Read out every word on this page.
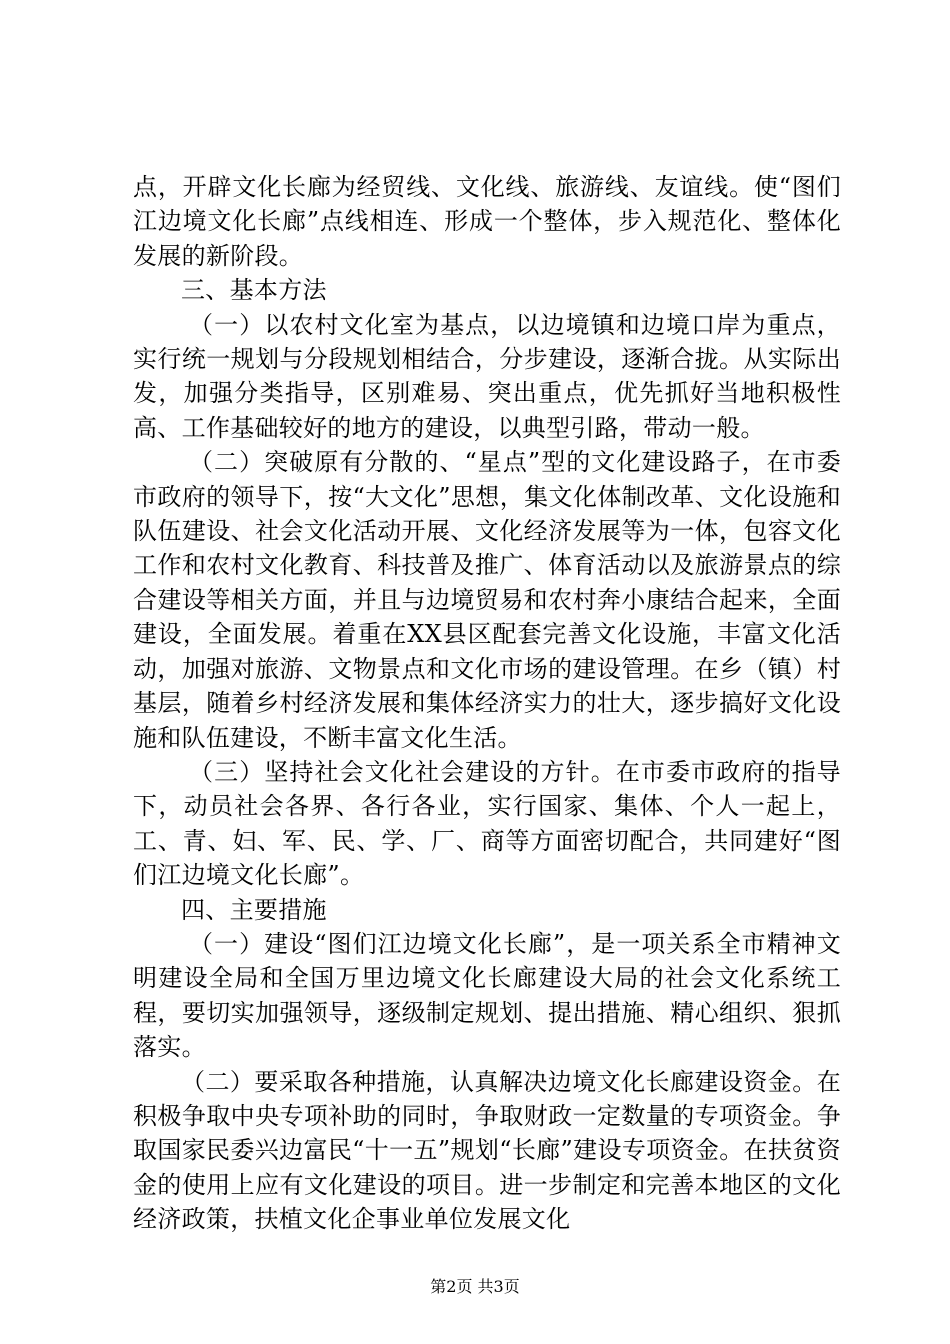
点，开辟文化长廊为经贸线、文化线、旅游线、友谊线。使“图们江边境文化长廊”点线相连、形成一个整体，步入规范化、整体化发展的新阶段。

三、基本方法

（一）以农村文化室为基点，以边境镇和边境口岸为重点，实行统一规划与分段规划相结合，分步建设，逐渐合拢。从实际出发，加强分类指导，区别难易、突出重点，优先抓好当地积极性高、工作基础较好的地方的建设，以典型引路，带动一般。

（二）突破原有分散的、“星点”型的文化建设路子，在市委市政府的领导下，按“大文化”思想，集文化体制改革、文化设施和队伍建设、社会文化活动开展、文化经济发展等为一体，包容文化工作和农村文化教育、科技普及推广、体育活动以及旅游景点的综合建设等相关方面，并且与边境贸易和农村奔小康结合起来，全面建设，全面发展。着重在XX县区配套完善文化设施，丰富文化活动，加强对旅游、文物景点和文化市场的建设管理。在乡（镇）村基层，随着乡村经济发展和集体经济实力的壮大，逐步搞好文化设施和队伍建设，不断丰富文化生活。

（三）坚持社会文化社会建设的方针。在市委市政府的指导下，动员社会各界、各行各业，实行国家、集体、个人一起上，工、青、妇、军、民、学、厂、商等方面密切配合，共同建好“图们江边境文化长廊”。

四、主要措施

（一）建设“图们江边境文化长廊”，是一项关系全市精神文明建设全局和全国万里边境文化长廊建设大局的社会文化系统工程，要切实加强领导，逐级制定规划、提出措施、精心组织、狠抓落实。

（二）要采取各种措施，认真解决边境文化长廊建设资金。在积极争取中央专项补助的同时，争取财政一定数量的专项资金。争取国家民委兴边富民“十一五”规划“长廊”建设专项资金。在扶贫资金的使用上应有文化建设的项目。进一步制定和完善本地区的文化经济政策，扶植文化企事业单位发展文化

第2页 共3页
